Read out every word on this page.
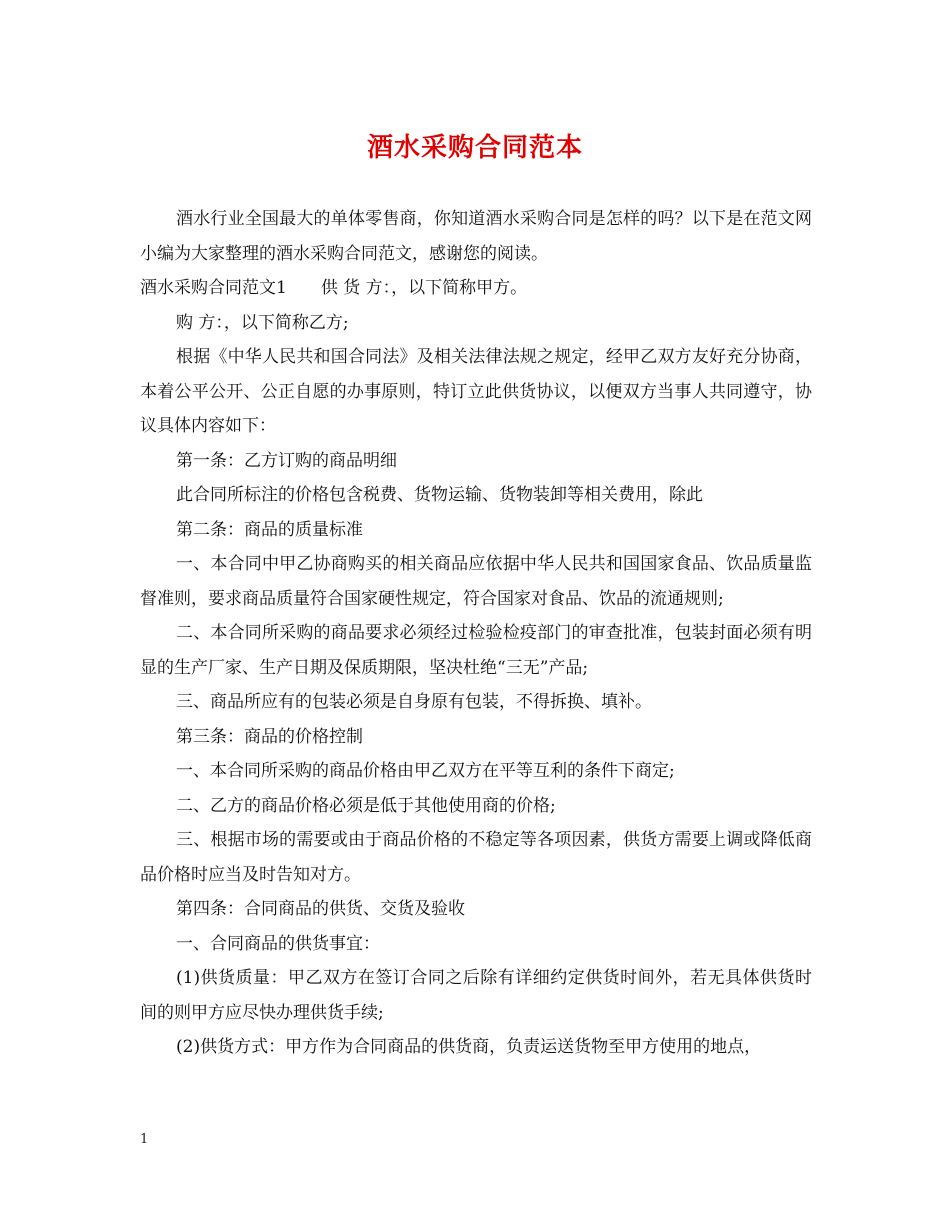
酒水采购合同范本

酒水行业全国最大的单体零售商，你知道酒水采购合同是怎样的吗？以下是在范文网小编为大家整理的酒水采购合同范文，感谢您的阅读。

酒水采购合同范文1　　供 货 方：，以下简称甲方。

购 方：，以下简称乙方;

根据《中华人民共和国合同法》及相关法律法规之规定，经甲乙双方友好充分协商，本着公平公开、公正自愿的办事原则，特订立此供货协议，以便双方当事人共同遵守，协议具体内容如下：

第一条：乙方订购的商品明细

此合同所标注的价格包含税费、货物运输、货物装卸等相关费用，除此

第二条：商品的质量标准

一、本合同中甲乙协商购买的相关商品应依据中华人民共和国国家食品、饮品质量监督准则，要求商品质量符合国家硬性规定，符合国家对食品、饮品的流通规则;

二、本合同所采购的商品要求必须经过检验检疫部门的审查批准，包装封面必须有明显的生产厂家、生产日期及保质期限，坚决杜绝“三无”产品;

三、商品所应有的包装必须是自身原有包装，不得拆换、填补。

第三条：商品的价格控制

一、本合同所采购的商品价格由甲乙双方在平等互利的条件下商定;

二、乙方的商品价格必须是低于其他使用商的价格;

三、根据市场的需要或由于商品价格的不稳定等各项因素，供货方需要上调或降低商品价格时应当及时告知对方。

第四条：合同商品的供货、交货及验收

一、合同商品的供货事宜：

(1)供货质量：甲乙双方在签订合同之后除有详细约定供货时间外，若无具体供货时间的则甲方应尽快办理供货手续;

(2)供货方式：甲方作为合同商品的供货商，负责运送货物至甲方使用的地点，

1
